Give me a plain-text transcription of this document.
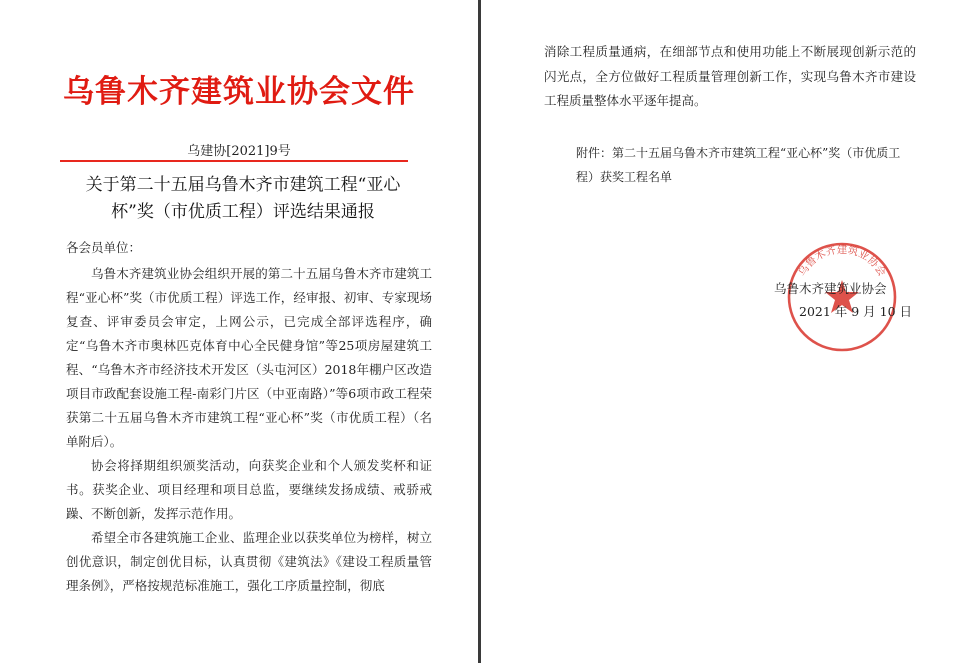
乌鲁木齐建筑业协会文件
乌建协[2021]9号
关于第二十五届乌鲁木齐市建筑工程“亚心
杯”奖（市优质工程）评选结果通报
各会员单位：

乌鲁木齐建筑业协会组织开展的第二十五届乌鲁木齐市建筑工程“亚心杯”奖（市优质工程）评选工作，经审报、初审、专家现场复查、评审委员会审定，上网公示，已完成全部评选程序，确定“乌鲁木齐市奥林匹克体育中心全民健身馆”等25项房屋建筑工程、“乌鲁木齐市经济技术开发区（头屯河区）2018年棚户区改造项目市政配套设施工程-南彩门片区（中亚南路）”等6项市政工程荣获第二十五届乌鲁木齐市建筑工程“亚心杯”奖（市优质工程）（名单附后）。

协会将择期组织颁奖活动，向获奖企业和个人颁发奖杯和证书。获奖企业、项目经理和项目总监，要继续发扬成绩、戒骄戒躁、不断创新，发挥示范作用。

希望全市各建筑施工企业、监理企业以获奖单位为榜样，树立创优意识，制定创优目标，认真贯彻《建筑法》《建设工程质量管理条例》，严格按规范标准施工，强化工序质量控制，彻底

消除工程质量通病，在细部节点和使用功能上不断展现创新示范的闪光点，全方位做好工程质量管理创新工作，实现乌鲁木齐市建设工程质量整体水平逐年提高。

附件：第二十五届乌鲁木齐市建筑工程“亚心杯”奖（市优质工程）获奖工程名单
乌鲁木齐建筑业协会
乌鲁木齐建筑业协会
2021 年 9 月 10 日
